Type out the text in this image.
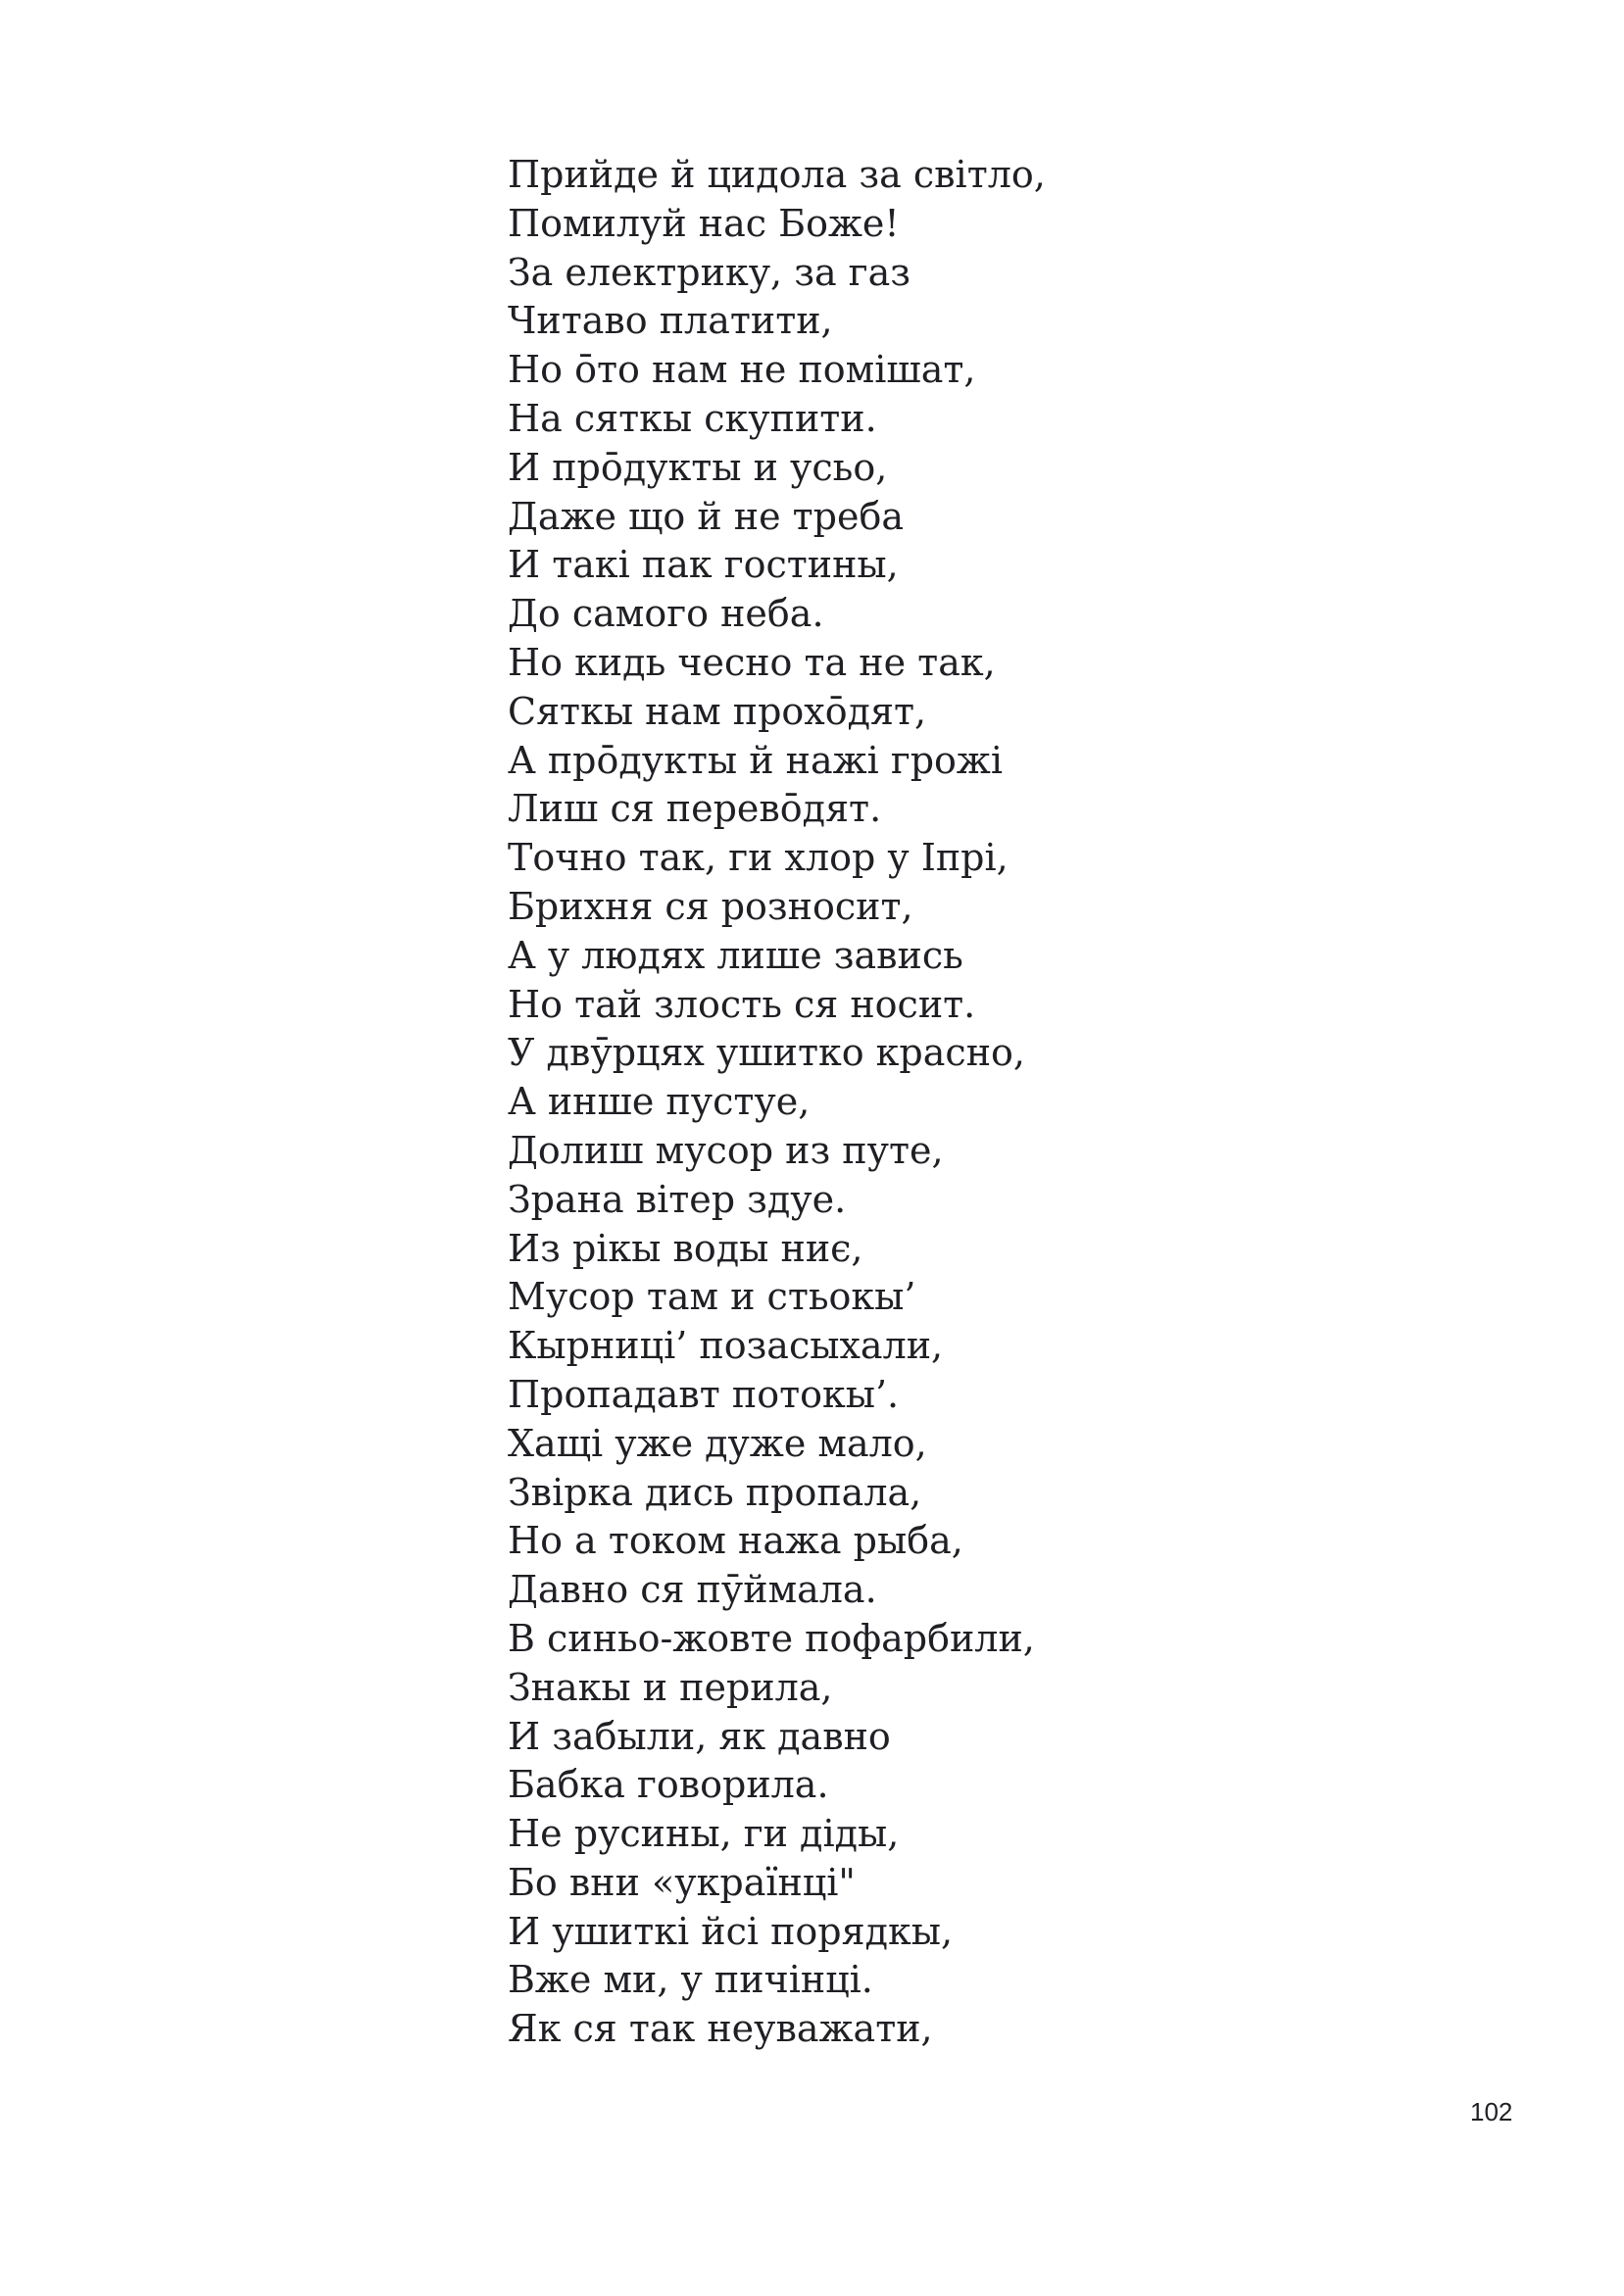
Прийде й цидола за світло,
Помилуй нас Боже!
За електрику, за газ
Читаво платити,
Но о̄то нам не помішат,
На сяткы скупити.
И про̄дукты и усьо,
Даже що й не треба
И такі пак гостины,
До самого неба.
Но кидь чесно та не так,
Сяткы нам прохо̄дят,
А про̄дукты й нажі грожі
Лиш ся перево̄дят.
Точно так, ги хлор у Іпрі,
Брихня ся розносит,
А у людях лише завись
Но тай злость ся носит.
У двӯрцях ушитко красно,
А инше пустуе,
Долиш мусор из путе,
Зрана вітер здуе.
Из рікы воды ниє,
Мусор там и стьокы’
Кырниці’ позасыхали,
Пропадавт потокы’.
Хащі уже дуже мало,
Звірка дись пропала,
Но а током нажа рыба,
Давно ся пӯймала.
В синьо-жовте пофарбили,
Знакы и перила,
И забыли, як давно
Бабка говорила.
Не русины, ги діды,
Бо вни «українці"
И ушиткі йсі порядкы,
Вже ми, у пичінці.
Як ся так неуважати,
102
